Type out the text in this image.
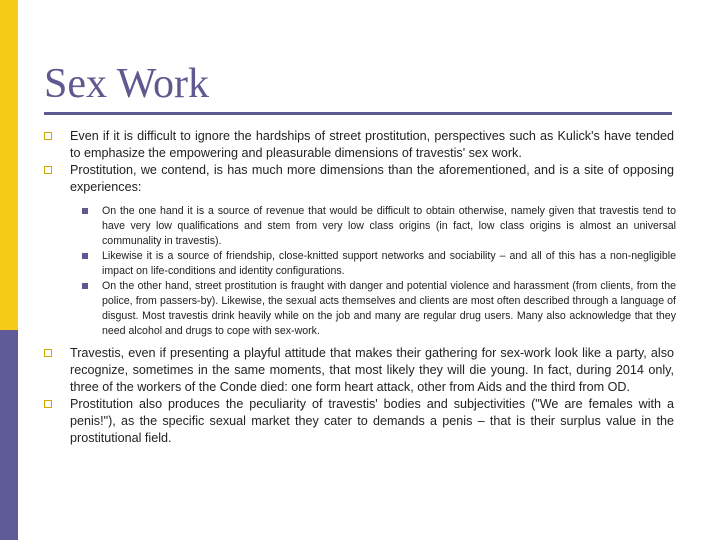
Sex Work
Even if it is difficult to ignore the hardships of street prostitution, perspectives such as Kulick's have tended to emphasize the empowering and pleasurable dimensions of travestis' sex work.
Prostitution, we contend, is has much more dimensions than the aforementioned, and is a site of opposing experiences:
On the one hand it is a source of revenue that would be difficult to obtain otherwise, namely given that travestis tend to have very low qualifications and stem from very low class origins (in fact, low class origins is almost an universal communality in travestis).
Likewise it is a source of friendship, close-knitted support networks and sociability – and all of this has a non-negligible impact on life-conditions and identity configurations.
On the other hand, street prostitution is fraught with danger and potential violence and harassment (from clients, from the police, from passers-by). Likewise, the sexual acts themselves and clients are most often described through a language of disgust. Most travestis drink heavily while on the job and many are regular drug users. Many also acknowledge that they need alcohol and drugs to cope with sex-work.
Travestis, even if presenting a playful attitude that makes their gathering for sex-work look like a party, also recognize, sometimes in the same moments, that most likely they will die young. In fact, during 2014 only, three of the workers of the Conde died: one form heart attack, other from Aids and the third from OD.
Prostitution also produces the peculiarity of travestis' bodies and subjectivities ("We are females with a penis!"), as the specific sexual market they cater to demands a penis – that is their surplus value in the prostitutional field.
